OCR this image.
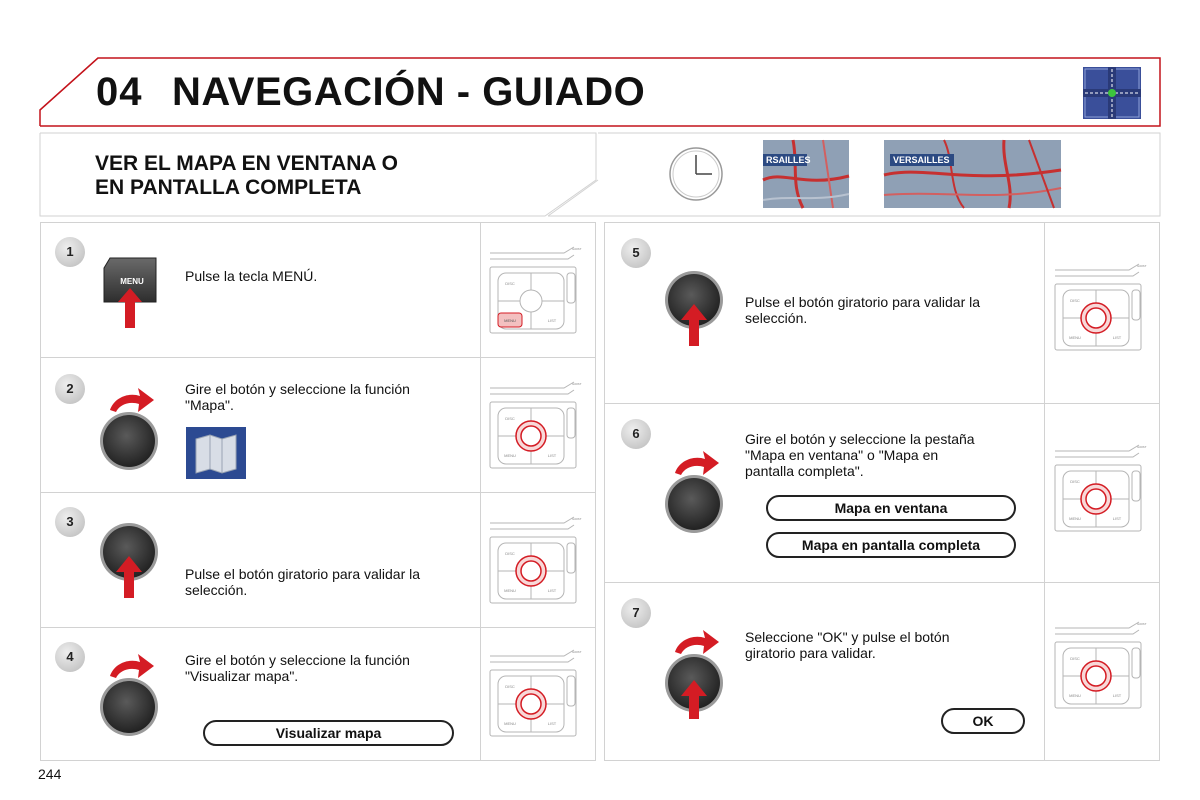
04 NAVEGACIÓN - GUIADO
VER EL MAPA EN VENTANA O
EN PANTALLA COMPLETA
RSAILLES	VERSAILLES
1
MENU	Pulse la tecla MENÚ.
2	Gire el botón y seleccione la función
"Mapa".
3
Pulse el botón giratorio para validar la
selección.
4	Gire el botón y seleccione la función
"Visualizar mapa".
Visualizar mapa
5
Pulse el botón giratorio para validar la
selección.
6	Gire el botón y seleccione la pestaña
"Mapa en ventana" o "Mapa en
pantalla completa".
Mapa en ventana
Mapa en pantalla completa
7
Seleccione "OK" y pulse el botón
giratorio para validar.
OK
G00ST
MENU
DISC
LIST
G00ST
DISC
MENU	LIST
G00ST
DISC
MENU	LIST
G00ST
DISC
MENU	LIST
G00ST
DISC
MENU	LIST
G00ST
DISC
MENU	LIST
G00ST
DISC
MENU	LIST
244
